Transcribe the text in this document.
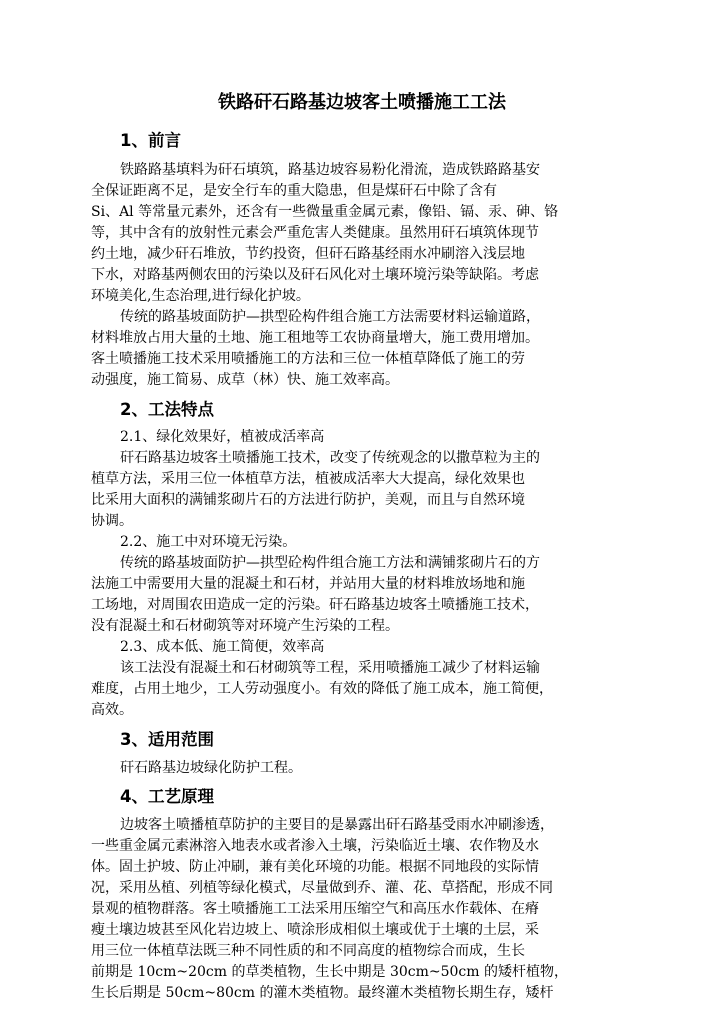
铁路矸石路基边坡客土喷播施工工法
1、前言
铁路路基填料为矸石填筑，路基边坡容易粉化滑流，造成铁路路基安
全保证距离不足，是安全行车的重大隐患，但是煤矸石中除了含有
Si、Al 等常量元素外，还含有一些微量重金属元素，像铅、镉、汞、砷、铬
等，其中含有的放射性元素会严重危害人类健康。虽然用矸石填筑体现节
约土地，减少矸石堆放，节约投资，但矸石路基经雨水冲刷溶入浅层地
下水，对路基两侧农田的污染以及矸石风化对土壤环境污染等缺陷。考虑
环境美化,生态治理,进行绿化护坡。
传统的路基坡面防护—拱型砼构件组合施工方法需要材料运输道路，
材料堆放占用大量的土地、施工租地等工农协商量增大，施工费用增加。
客土喷播施工技术采用喷播施工的方法和三位一体植草降低了施工的劳
动强度，施工简易、成草（林）快、施工效率高。
2、工法特点
2.1、绿化效果好，植被成活率高
矸石路基边坡客土喷播施工技术，改变了传统观念的以撒草粒为主的
植草方法，采用三位一体植草方法，植被成活率大大提高，绿化效果也
比采用大面积的满铺浆砌片石的方法进行防护，美观，而且与自然环境
协调。
2.2、施工中对环境无污染。
传统的路基坡面防护—拱型砼构件组合施工方法和满铺浆砌片石的方
法施工中需要用大量的混凝土和石材，并站用大量的材料堆放场地和施
工场地，对周围农田造成一定的污染。矸石路基边坡客土喷播施工技术，
没有混凝土和石材砌筑等对环境产生污染的工程。
2.3、成本低、施工简便，效率高
该工法没有混凝土和石材砌筑等工程，采用喷播施工减少了材料运输
难度，占用土地少，工人劳动强度小。有效的降低了施工成本，施工简便，
高效。
3、适用范围
矸石路基边坡绿化防护工程。
4、工艺原理
边坡客土喷播植草防护的主要目的是暴露出矸石路基受雨水冲刷渗透，
一些重金属元素淋溶入地表水或者渗入土壤，污染临近土壤、农作物及水
体。固土护坡、防止冲刷，兼有美化环境的功能。根据不同地段的实际情
况，采用丛植、列植等绿化模式，尽量做到乔、灌、花、草搭配，形成不同
景观的植物群落。客土喷播施工工法采用压缩空气和高压水作载体、在瘠
瘦土壤边坡甚至风化岩边坡上、喷涂形成相似土壤或优于土壤的土层，采
用三位一体植草法既三种不同性质的和不同高度的植物综合而成，生长
前期是 10cm~20cm 的草类植物，生长中期是 30cm~50cm 的矮杆植物，
生长后期是 50cm~80cm 的灌木类植物。最终灌木类植物长期生存，矮杆
